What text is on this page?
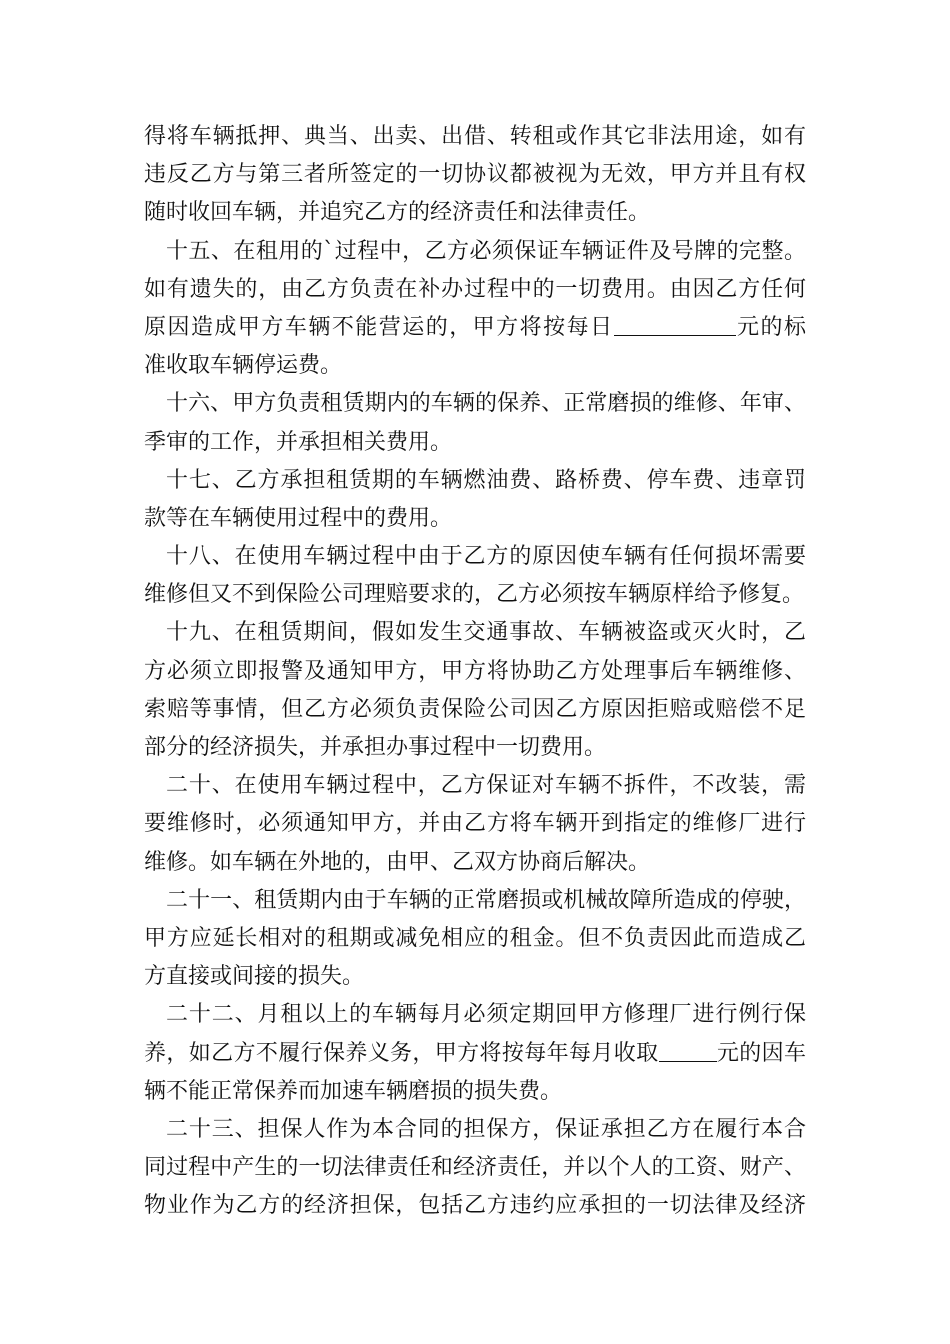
得将车辆抵押、典当、出卖、出借、转租或作其它非法用途，如有
违反乙方与第三者所签定的一切协议都被视为无效，甲方并且有权
随时收回车辆，并追究乙方的经济责任和法律责任。
十五、在租用的`过程中，乙方必须保证车辆证件及号牌的完整。
如有遗失的，由乙方负责在补办过程中的一切费用。由因乙方任何
原因造成甲方车辆不能营运的，甲方将按每日	元的标
准收取车辆停运费。
十六、甲方负责租赁期内的车辆的保养、正常磨损的维修、年审、
季审的工作，并承担相关费用。
十七、乙方承担租赁期的车辆燃油费、路桥费、停车费、违章罚
款等在车辆使用过程中的费用。
十八、在使用车辆过程中由于乙方的原因使车辆有任何损坏需要
维修但又不到保险公司理赔要求的，乙方必须按车辆原样给予修复。
十九、在租赁期间，假如发生交通事故、车辆被盗或灭火时，乙
方必须立即报警及通知甲方，甲方将协助乙方处理事后车辆维修、
索赔等事情，但乙方必须负责保险公司因乙方原因拒赔或赔偿不足
部分的经济损失，并承担办事过程中一切费用。
二十、在使用车辆过程中，乙方保证对车辆不拆件，不改装，需
要维修时，必须通知甲方，并由乙方将车辆开到指定的维修厂进行
维修。如车辆在外地的，由甲、乙双方协商后解决。
二十一、租赁期内由于车辆的正常磨损或机械故障所造成的停驶，
甲方应延长相对的租期或减免相应的租金。但不负责因此而造成乙
方直接或间接的损失。
二十二、月租以上的车辆每月必须定期回甲方修理厂进行例行保
养，如乙方不履行保养义务，甲方将按每年每月收取	元的因车
辆不能正常保养而加速车辆磨损的损失费。
二十三、担保人作为本合同的担保方，保证承担乙方在履行本合
同过程中产生的一切法律责任和经济责任，并以个人的工资、财产、
物业作为乙方的经济担保，包括乙方违约应承担的一切法律及经济
